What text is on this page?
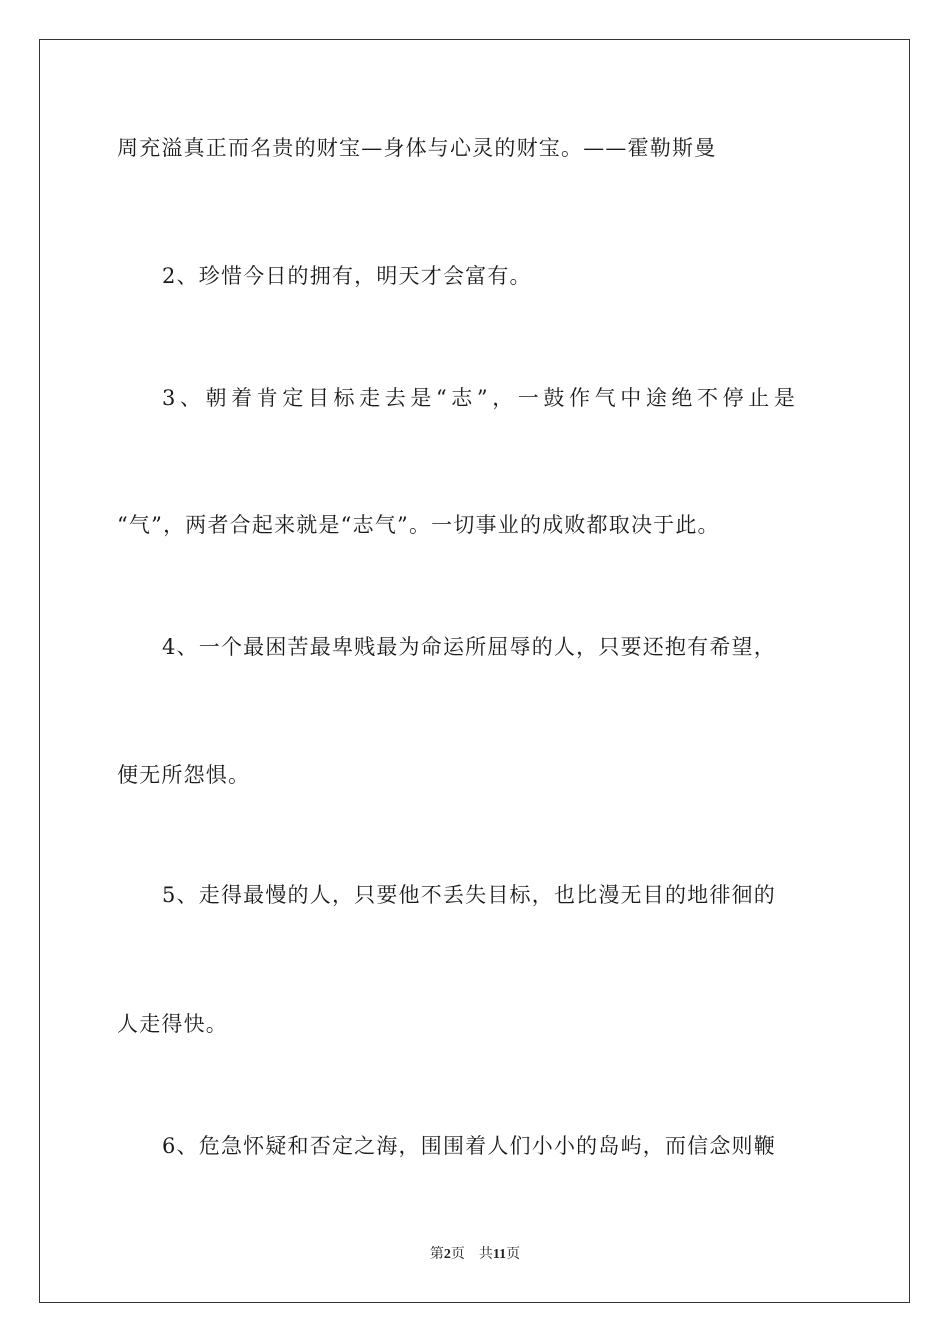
周充溢真正而名贵的财宝—身体与心灵的财宝。——霍勒斯曼
2、珍惜今日的拥有，明天才会富有。
3、朝着肯定目标走去是“志”，一鼓作气中途绝不停止是
“气”，两者合起来就是“志气”。一切事业的成败都取决于此。
4、一个最困苦最卑贱最为命运所屈辱的人，只要还抱有希望，
便无所怨惧。
5、走得最慢的人，只要他不丢失目标，也比漫无目的地徘徊的
人走得快。
6、危急怀疑和否定之海，围围着人们小小的岛屿，而信念则鞭
第2页 共11页
